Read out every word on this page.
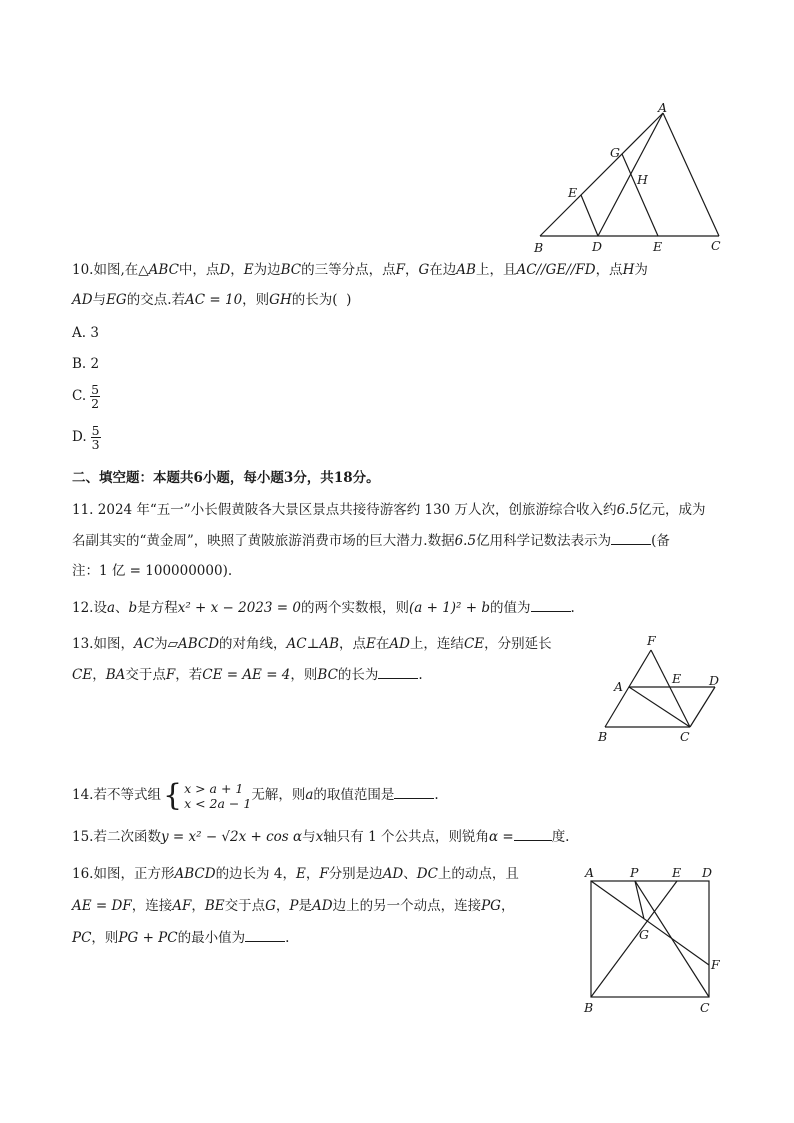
A
G
H
E
B	D	E	C
10.如图,在△ABC中，点D，E为边BC的三等分点，点F，G在边AB上，且AC//GE//FD，点H为
AD与EG的交点.若AC = 10，则GH的长为(  )
A. 3
B. 2
C. $\frac{5}{2}$
D. $\frac{5}{3}$
二、填空题：本题共6小题，每小题3分，共18分。
11. 2024 年“五一”小长假黄陂各大景区景点共接待游客约 130 万人次，创旅游综合收入约6.5亿元，成为
名副其实的“黄金周”，映照了黄陂旅游消费市场的巨大潜力.数据6.5亿用科学记数法表示为	(备
注：1 亿 = 100000000).
12.设a、b是方程x² + x − 2023 = 0的两个实数根，则(a + 1)² + b的值为	.
13.如图，AC为▱ABCD的对角线，AC⊥AB，点E在AD上，连结CE，分别延长
CE，BA交于点F，若CE = AE = 4，则BC的长为	.
F
A
E D
B	C
14.若不等式组{ x > a + 1
x < 2a − 1 无解，则a的取值范围是	.
15.若二次函数y = x² − √2x + cos α与x轴只有 1 个公共点，则锐角α =	度.
16.如图，正方形ABCD的边长为 4，E，F分别是边AD、DC上的动点，且
AE = DF，连接AF，BE交于点G，P是AD边上的另一个动点，连接PG，
PC，则PG + PC的最小值为	.
A	P	E D
G
F
B	C
